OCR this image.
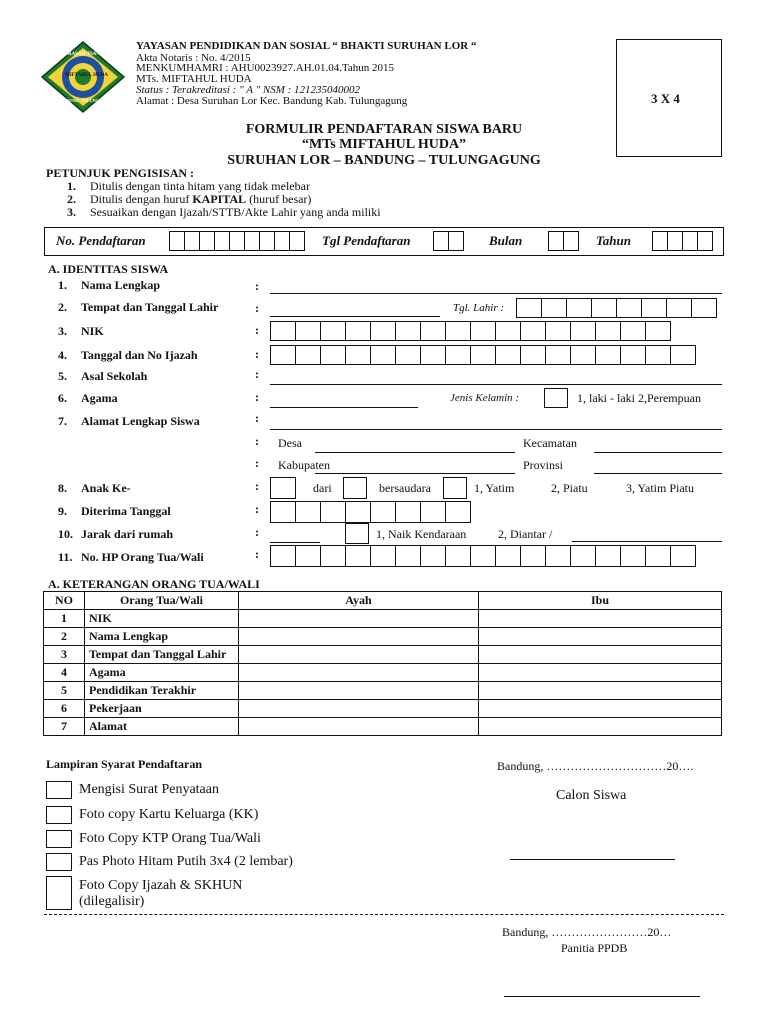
MADRASAH TSANAWIYAH
MIFTAHUL HUDA
BANDUNG - TULUNGAGUNG
YAYASAN PENDIDIKAN DAN SOSIAL “ BHAKTI SURUHAN LOR “
Akta Notaris : No. 4/2015
MENKUMHAMRI : AHU0023927.AH.01.04.Tahun 2015
MTs. MIFTAHUL HUDA
Status : Terakreditasi : " A " NSM : 121235040002
Alamat : Desa Suruhan Lor Kec. Bandung Kab. Tulungagung	3 X 4
FORMULIR PENDAFTARAN SISWA BARU
“MTs MIFTAHUL HUDA”
SURUHAN LOR – BANDUNG – TULUNGAGUNG
PETUNJUK PENGISISAN :
1. Ditulis dengan tinta hitam yang tidak melebar
2. Ditulis dengan huruf KAPITAL (huruf besar)
3. Sesuaikan dengan Ijazah/STTB/Akte Lahir yang anda miliki
No. Pendaftaran	Tgl Pendaftaran	Bulan	Tahun
A. IDENTITAS SISWA
1. Nama Lengkap	:
2. Tempat dan Tanggal Lahir	:	Tgl. Lahir :
3. NIK	:
4. Tanggal dan No Ijazah	:
5. Asal Sekolah	:
6. Agama	:	Jenis Kelamin :	1, laki - laki 2,Perempuan
7. Alamat Lengkap Siswa	:
: Desa	Kecamatan
: Kabupaten	Provinsi
8. Anak Ke-	:	dari	bersaudara	1, Yatim	2, Piatu	3, Yatim Piatu
9. Diterima Tanggal	:
10. Jarak dari rumah	:	1, Naik Kendaraan	2, Diantar /
11. No. HP Orang Tua/Wali	:
A. KETERANGAN ORANG TUA/WALI
NO	Orang Tua/Wali	Ayah	Ibu
1	NIK		
2	Nama Lengkap		
3	Tempat dan Tanggal Lahir		
4	Agama		
5	Pendidikan Terakhir		
6	Pekerjaan		
7	Alamat		
Lampiran Syarat Pendaftaran
Mengisi Surat Penyataan
Foto copy Kartu Keluarga (KK)
Foto Copy KTP Orang Tua/Wali
Pas Photo Hitam Putih 3x4 (2 lembar)
Foto Copy Ijazah & SKHUN
(dilegalisir)
Bandung, …………………………20….
Calon Siswa
Bandung, ……………………20…
Panitia PPDB
